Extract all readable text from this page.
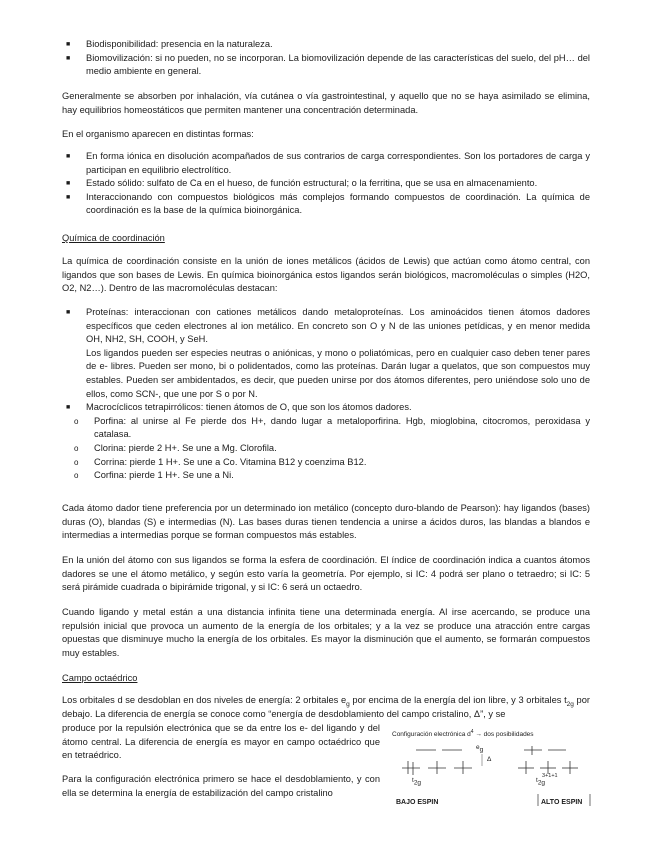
■ Biodisponibilidad: presencia en la naturaleza.
■ Biomovilización: si no pueden, no se incorporan. La biomovilización depende de las características del suelo, del pH… del medio ambiente en general.

Generalmente se absorben por inhalación, vía cutánea o vía gastrointestinal, y aquello que no se haya asimilado se elimina, hay equilibrios homeostáticos que permiten mantener una concentración determinada.

En el organismo aparecen en distintas formas:

■ En forma iónica en disolución acompañados de sus contrarios de carga correspondientes. Son los portadores de carga y participan en equilibrio electrolítico.
■ Estado sólido: sulfato de Ca en el hueso, de función estructural; o la ferritina, que se usa en almacenamiento.
■ Interaccionando con compuestos biológicos más complejos formando compuestos de coordinación. La química de coordinación es la base de la química bioinorgánica.

Química de coordinación

La química de coordinación consiste en la unión de iones metálicos (ácidos de Lewis) que actúan como átomo central, con ligandos que son bases de Lewis. En química bioinorgánica estos ligandos serán biológicos, macromoléculas o simples (H2O, O2, N2…). Dentro de las macromoléculas destacan:

■ Proteínas: interaccionan con cationes metálicos dando metaloproteínas. Los aminoácidos tienen átomos dadores específicos que ceden electrones al ion metálico. En concreto son O y N de las uniones petídicas, y en menor medida OH, NH2, SH, COOH, y SeH.
Los ligandos pueden ser especies neutras o aniónicas, y mono o poliatómicas, pero en cualquier caso deben tener pares de e- libres. Pueden ser mono, bi o polidentados, como las proteínas. Darán lugar a quelatos, que son compuestos muy estables. Pueden ser ambidentados, es decir, que pueden unirse por dos átomos diferentes, pero uniéndose solo uno de ellos, como SCN-, que une por S o por N.
■ Macrocíclicos tetrapirrólicos: tienen átomos de O, que son los átomos dadores.
o Porfina: al unirse al Fe pierde dos H+, dando lugar a metaloporfirina. Hgb, mioglobina, citocromos, peroxidasa y catalasa.
o Clorina: pierde 2 H+. Se une a Mg. Clorofila.
o Corrina: pierde 1 H+. Se une a Co. Vitamina B12 y coenzima B12.
o Corfina: pierde 1 H+. Se une a Ni.

Cada átomo dador tiene preferencia por un determinado ion metálico (concepto duro-blando de Pearson): hay ligandos (bases) duras (O), blandas (S) e intermedias (N). Las bases duras tienen tendencia a unirse a ácidos duros, las blandas a blandos e intermedias a intermedias porque se forman compuestos más estables.

En la unión del átomo con sus ligandos se forma la esfera de coordinación. El índice de coordinación indica a cuantos átomos dadores se une el átomo metálico, y según esto varía la geometría. Por ejemplo, si IC: 4 podrá ser plano o tetraedro; si IC: 5 será pirámide cuadrada o bipirámide trigonal, y si IC: 6 será un octaedro.

Cuando ligando y metal están a una distancia infinita tiene una determinada energía. Al irse acercando, se produce una repulsión inicial que provoca un aumento de la energía de los orbitales; y a la vez se produce una atracción entre cargas opuestas que disminuye mucho la energía de los orbitales. Es mayor la disminución que el aumento, se formarán compuestos muy estables.

Campo octaédrico

Los orbitales d se desdoblan en dos niveles de energía: 2 orbitales $e_g$ por encima de la energía del ion libre, y 3 orbitales $t_{2g}$ por debajo. La diferencia de energía se conoce como “energía de desdoblamiento del campo cristalino, Δ”, y se

produce por la repulsión electrónica que se da entre los e- del ligando y del átomo central. La diferencia de energía es mayor en campo octaédrico que en tetraédrico.

Para la configuración electrónica primero se hace el desdoblamiento, y con ella se determina la energía de estabilización del campo cristalino

Configuración electrónica $d^4$ → dos posibilidades
$e_g$
Δ
$t_{2g}$	$t_{2g}$
3+1+1
BAJO ESPIN	ALTO ESPIN
